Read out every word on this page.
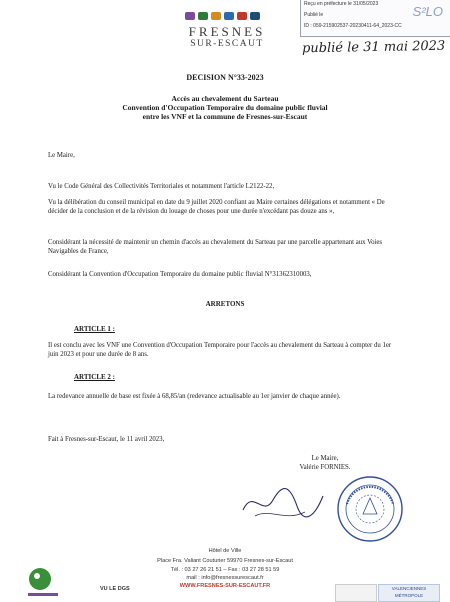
FRESNES
SUR-ESCAUT
Reçu en préfecture le 31/05/2023
Publié le
ID : 059-215902537-20230411-64_2023-CC
S²LO
publié le 31 mai 2023
DECISION N°33-2023
Accès au chevalement du Sarteau
Convention d'Occupation Temporaire du domaine public fluvial
entre les VNF et la commune de Fresnes-sur-Escaut
Le Maire,
Vu le Code Général des Collectivités Territoriales et notamment l'article L2122-22,
Vu la délibération du conseil municipal en date du 9 juillet 2020 confiant au Maire certaines délégations et notamment « De décider de la conclusion et de la révision du louage de choses pour une durée n'excédant pas douze ans »,
Considérant la nécessité de maintenir un chemin d'accès au chevalement du Sarteau par une parcelle appartenant aux Voies Navigables de France,
Considérant la Convention d'Occupation Temporaire du domaine public fluvial N°31362310003,
ARRETONS
ARTICLE 1 :
Il est conclu avec les VNF une Convention d'Occupation Temporaire pour l'accès au chevalement du Sarteau à compter du 1er juin 2023 et pour une durée de 8 ans.
ARTICLE 2 :
La redevance annuelle de base est fixée à 68,85/an (redevance actualisable au 1er janvier de chaque année).
Fait à Fresnes-sur-Escaut, le 11 avril 2023,
Le Maire,
Valérie FORNIES.
VU LE DGS
Hôtel de Ville
Place Fra. Valiant Couturier 59970 Fresnes-sur-Escaut
Tél. : 03 27 26 21 51 – Fax : 03 27 28 51 59
mail : info@fresnessurescaut.fr
WWW.FRESNES-SUR-ESCAUT.FR	VALENCIENNES MÉTROPOLE
